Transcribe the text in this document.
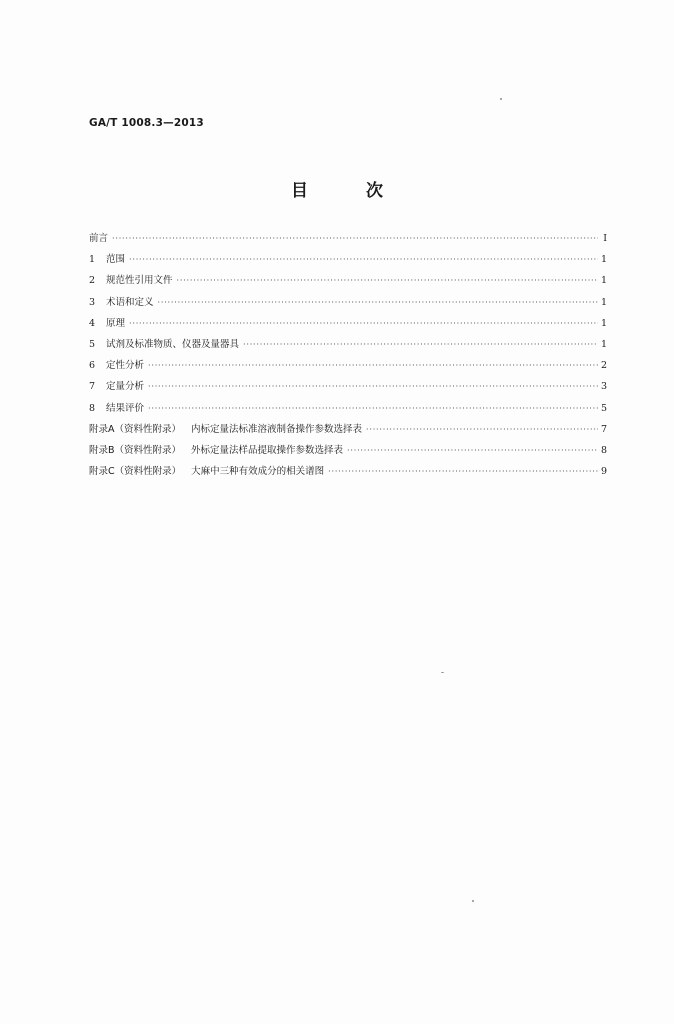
GA/T 1008.3—2013
目 次
前言 ·····	Ⅰ
1	范围 ·····	1
2	规范性引用文件 ·····	1
3	术语和定义 ·····	1
4	原理 ·····	1
5	试剂及标准物质、仪器及量器具 ·····	1
6	定性分析 ·····	2
7	定量分析 ·····	3
8	结果评价 ·····	5
附录A（资料性附录） 内标定量法标准溶液制备操作参数选择表 ·····	7
附录B（资料性附录） 外标定量法样品提取操作参数选择表 ·····	8
附录C（资料性附录） 大麻中三种有效成分的相关谱图 ·····	9
